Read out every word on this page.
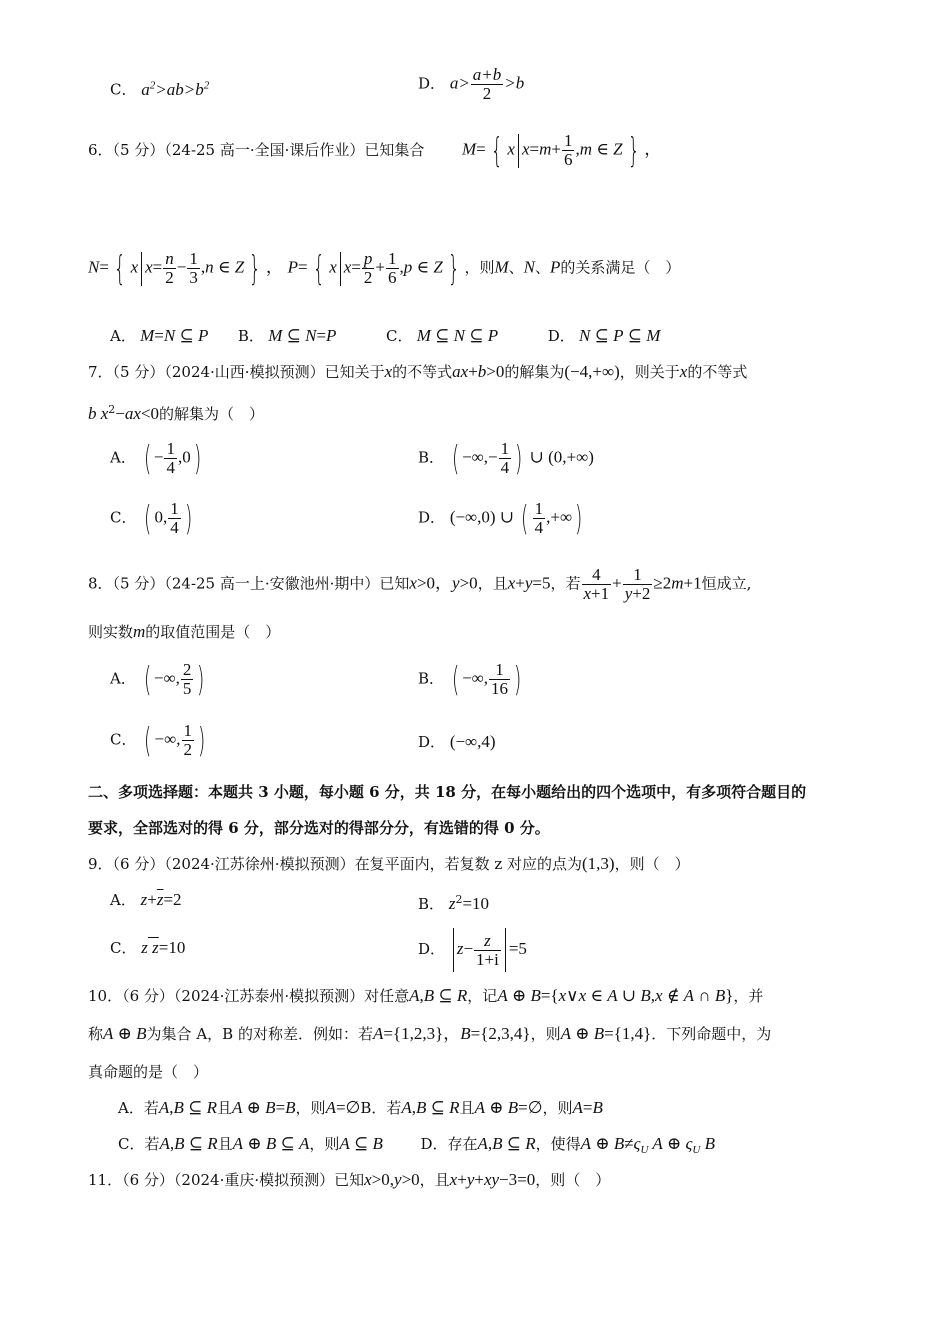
C． $a^2>ab>b^2$	D． $a> \frac{a+b}{2} >b$
6．（5 分）（24-25 高一·全国·课后作业）已知集合 M= { x $x=m+ \frac{1}{6} ,m$ ∈ Z } ，
N= { x $x= \frac{n}{2} - \frac{1}{3} ,n$ ∈ Z } ， P= { x $x= \frac{p}{2} + \frac{1}{6} ,p$ ∈ Z } ，则M、N、P的关系满足（　）
A． M=N ⊆ P B． M ⊆ N=P	C． M ⊆ N ⊆ P	D． N ⊆ P ⊆ M
7．（5 分）（2024·山西·模拟预测）已知关于x的不等式ax+b>0的解集为(−4,+∞)，则关于x的不等式
b $x^2-ax<0$的解集为（　）
A． ( − $\frac{1}{4} ,0$)	B． ( −∞,− $\frac{1}{4}$ ) ∪ (0,+∞)
C． ( 0, $\frac{1}{4}$ )	D． (−∞,0) ∪ ( $\frac{1}{4}$ ,+∞)
8．（5 分）（24-25 高一上·安徽池州·期中）已知x>0，y>0，且x+y=5，若 $\frac{4}{x+1} + \frac{1}{y+2} \ge 2m+1$恒成立,
则实数m的取值范围是（　）
A． ( −∞, $\frac{2}{5}$ )	B． ( −∞, $\frac{1}{16}$ )
C． ( −∞, $\frac{1}{2}$ )	D． (−∞,4)
二、多项选择题：本题共 3 小题，每小题 6 分，共 18 分，在每小题给出的四个选项中，有多项符合题目的
要求，全部选对的得 6 分，部分选对的得部分分，有选错的得 0 分。
9．（6 分）（2024·江苏徐州·模拟预测）在复平面内，若复数 z 对应的点为(1,3)，则（　）
A． $z+\overline{z}=2$	B． $z^2=10$
C． z z=10	D． $z- \frac{z}{1+i} =5$
10．（6 分）（2024·江苏泰州·模拟预测）对任意A,B ⊆ R，记A ⊕ B={x∨x ∈ A ∪ B,x ∉ A ∩ B}，并
称A ⊕ B为集合 A，B 的对称差．例如：若A={1,2,3}，B={2,3,4}，则A ⊕ B={1,4}．下列命题中，为
真命题的是（　）
A．若A,B ⊆ R且A ⊕ B=B，则A=∅B．若A,B ⊆ R且A ⊕ B=∅，则A=B
C．若A,B ⊆ R且A ⊕ B ⊆ A，则A ⊆ B	D．存在A,B ⊆ R，使得A ⊕ $B\ne\varsigma_U$ A ⊕ $\varsigma_U$ B
11．（6 分）（2024·重庆·模拟预测）已知x>0,y>0，且x+y+xy−3=0，则（　）
